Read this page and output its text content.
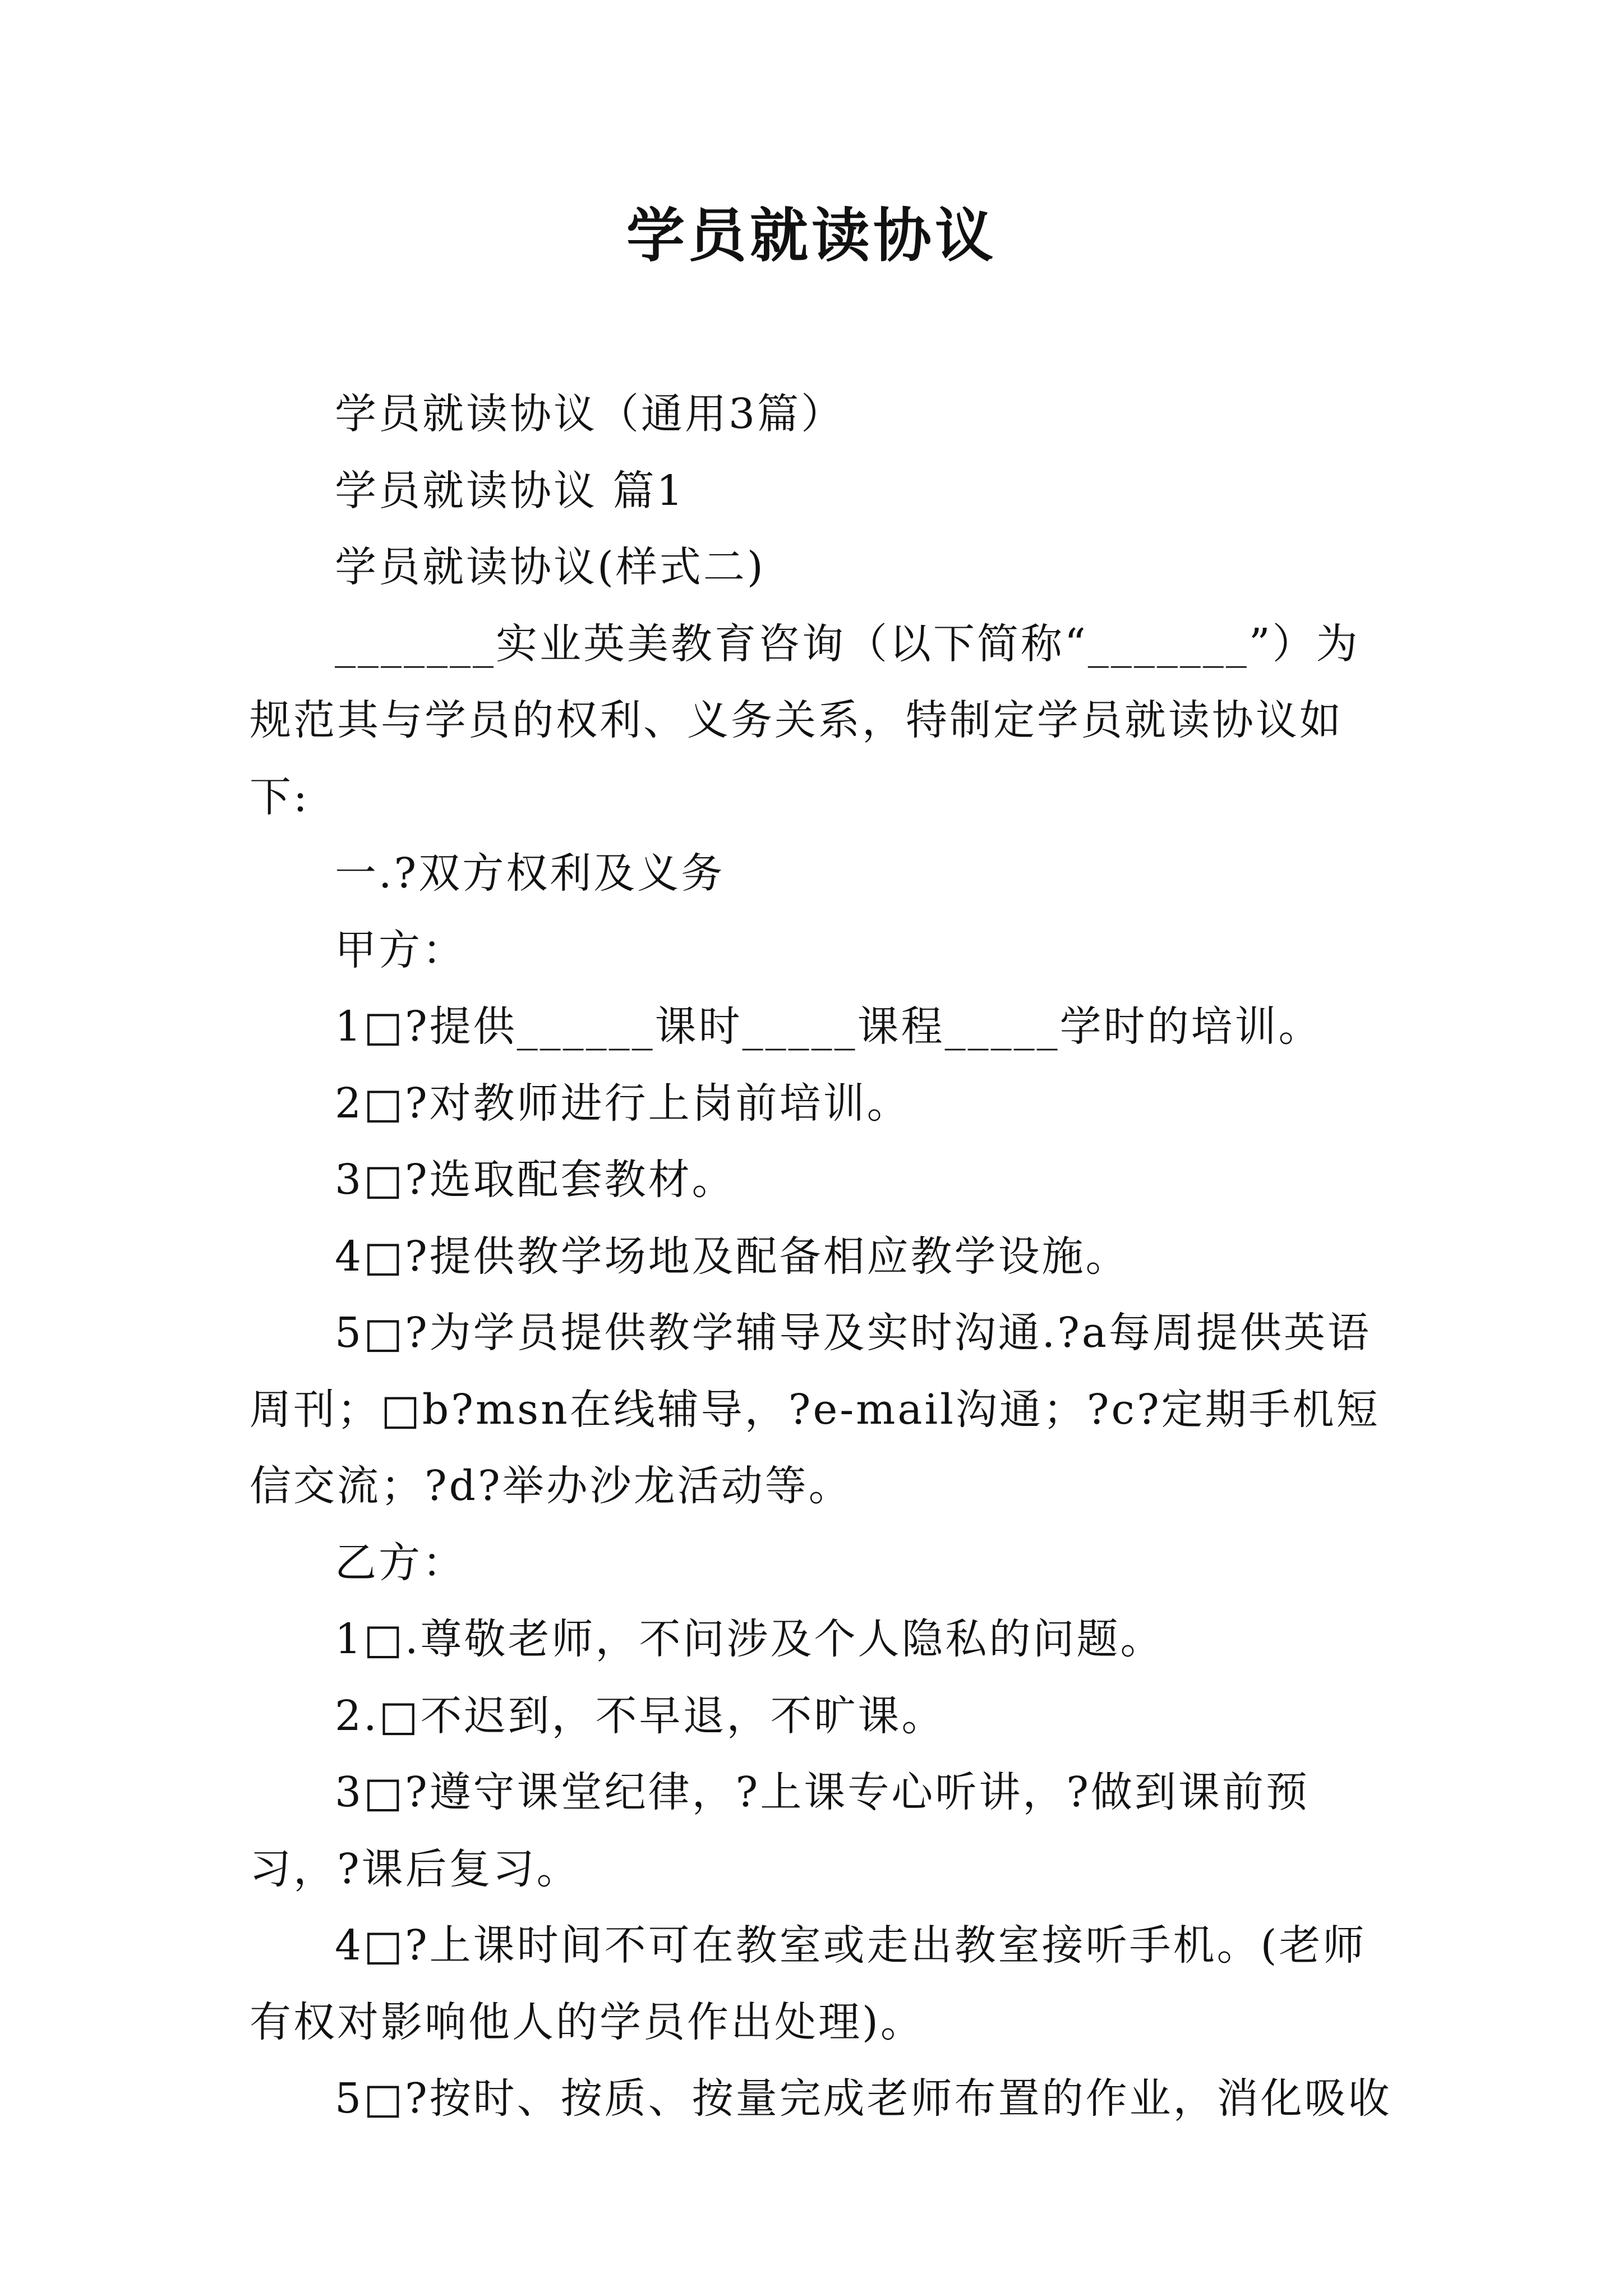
学员就读协议

学员就读协议（通用3篇）

学员就读协议 篇1

学员就读协议(样式二)

_______实业英美教育咨询（以下简称“_______”）为规范其与学员的权利、义务关系，特制定学员就读协议如下:

一.?双方权利及义务

甲方：

1□?提供______课时_____课程_____学时的培训。

2□?对教师进行上岗前培训。

3□?选取配套教材。

4□?提供教学场地及配备相应教学设施。

5□?为学员提供教学辅导及实时沟通.?a每周提供英语周刊；□b?msn在线辅导，?e-mail沟通；?c?定期手机短信交流；?d?举办沙龙活动等。

乙方：

1□.尊敬老师，不问涉及个人隐私的问题。

2.□不迟到，不早退，不旷课。

3□?遵守课堂纪律，?上课专心听讲，?做到课前预习，?课后复习。

4□?上课时间不可在教室或走出教室接听手机。(老师有权对影响他人的学员作出处理)。

5□?按时、按质、按量完成老师布置的作业，消化吸收
